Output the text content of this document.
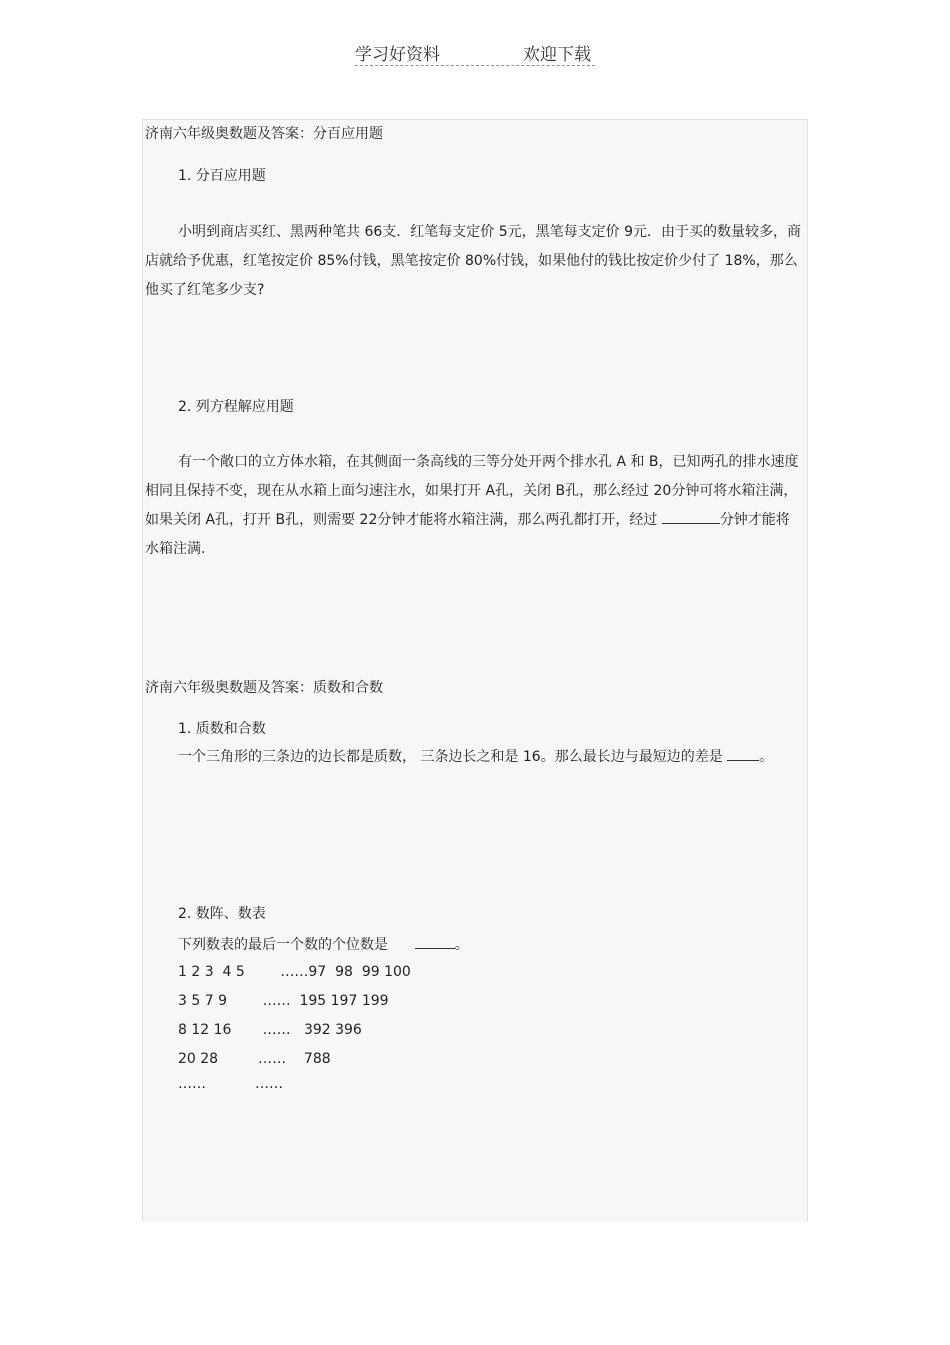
学习好资料	欢迎下载
济南六年级奥数题及答案：分百应用题
1. 分百应用题
小明到商店买红、黑两种笔共 66支．红笔每支定价 5元，黑笔每支定价 9元．由于买的数量较多，商店就给予优惠，红笔按定价 85%付钱，黑笔按定价 80%付钱，如果他付的钱比按定价少付了 18%，那么他买了红笔多少支?
2. 列方程解应用题
有一个敞口的立方体水箱，在其侧面一条高线的三等分处开两个排水孔 A 和 B，已知两孔的排水速度相同且保持不变，现在从水箱上面匀速注水，如果打开 A孔，关闭 B孔，那么经过 20分钟可将水箱注满，如果关闭 A孔，打开 B孔，则需要 22分钟才能将水箱注满，那么两孔都打开，经过	分钟才能将水箱注满.
济南六年级奥数题及答案：质数和合数
1. 质数和合数
一个三角形的三条边的边长都是质数， 三条边长之和是 16。那么最长边与最短边的差是	。
2. 数阵、数表
下列数表的最后一个数的个位数是	。
1 2 3  4 5        ……97  98  99 100
3 5 7 9        ……  195 197 199
8 12 16       ……   392 396
20 28         ……    788
……           ……
